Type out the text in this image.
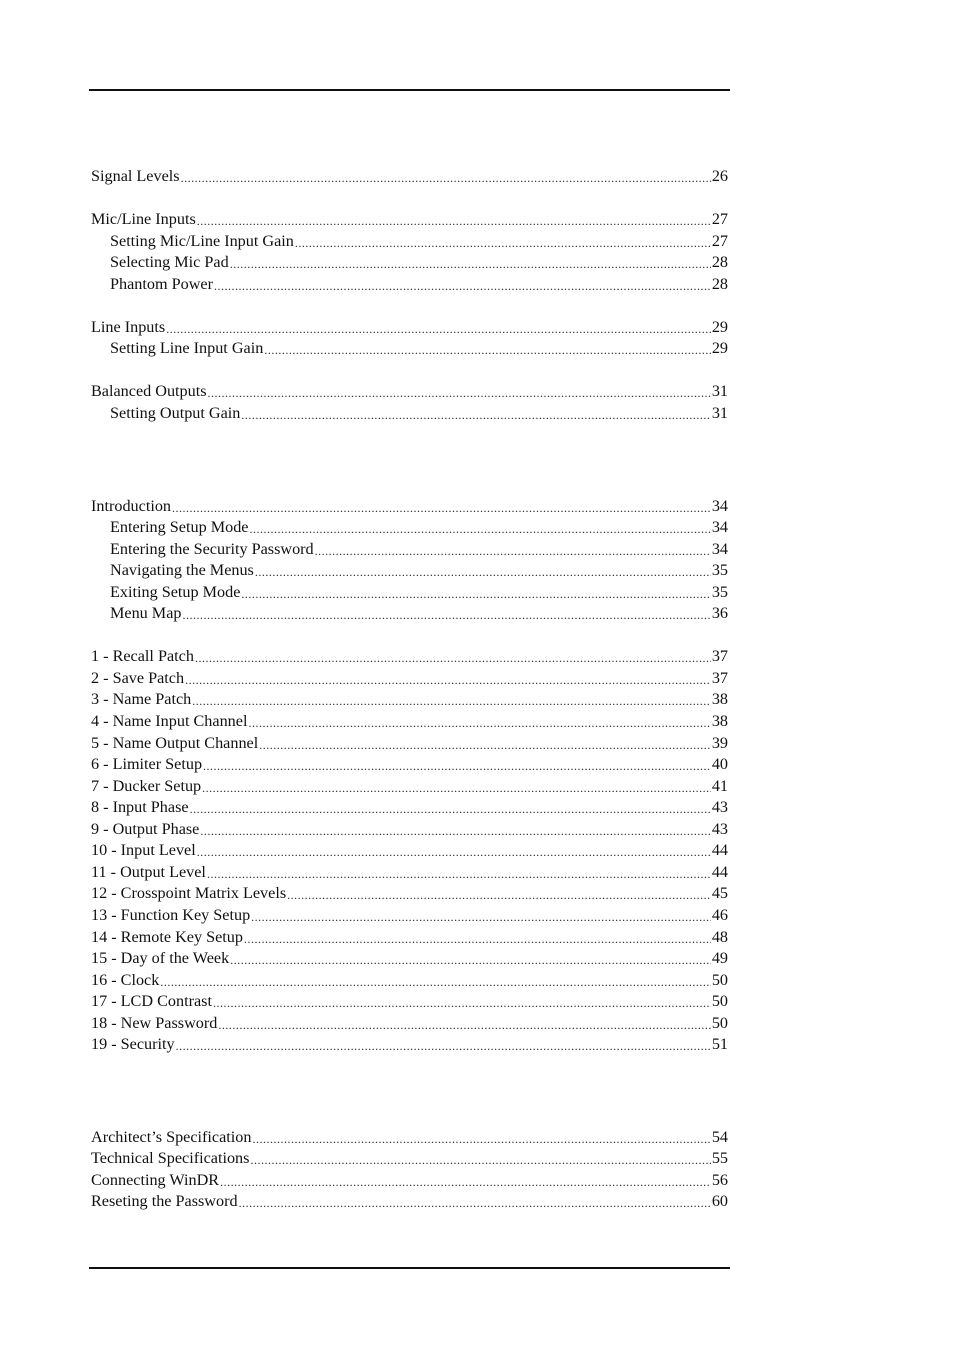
Signal Levels .....	26
Mic/Line Inputs .....	27
Setting Mic/Line Input Gain .....	27
Selecting Mic Pad .....	28
Phantom Power .....	28
Line Inputs .....	29
Setting Line Input Gain .....	29
Balanced Outputs .....	31
Setting Output Gain .....	31
Introduction .....	34
Entering Setup Mode .....	34
Entering the Security Password .....	34
Navigating the Menus .....	35
Exiting Setup Mode .....	35
Menu Map .....	36
1 - Recall Patch .....	37
2 - Save Patch .....	37
3 - Name Patch .....	38
4 - Name Input Channel .....	38
5 - Name Output Channel .....	39
6 - Limiter Setup .....	40
7 - Ducker Setup .....	41
8 - Input Phase .....	43
9 - Output Phase .....	43
10 - Input Level .....	44
11 - Output Level .....	44
12 - Crosspoint Matrix Levels .....	45
13 - Function Key Setup .....	46
14 - Remote Key Setup .....	48
15 - Day of the Week .....	49
16 - Clock .....	50
17 - LCD Contrast .....	50
18 - New Password .....	50
19 - Security .....	51
Architect’s Specification .....	54
Technical Specifications .....	55
Connecting WinDR .....	56
Reseting the Password .....	60
